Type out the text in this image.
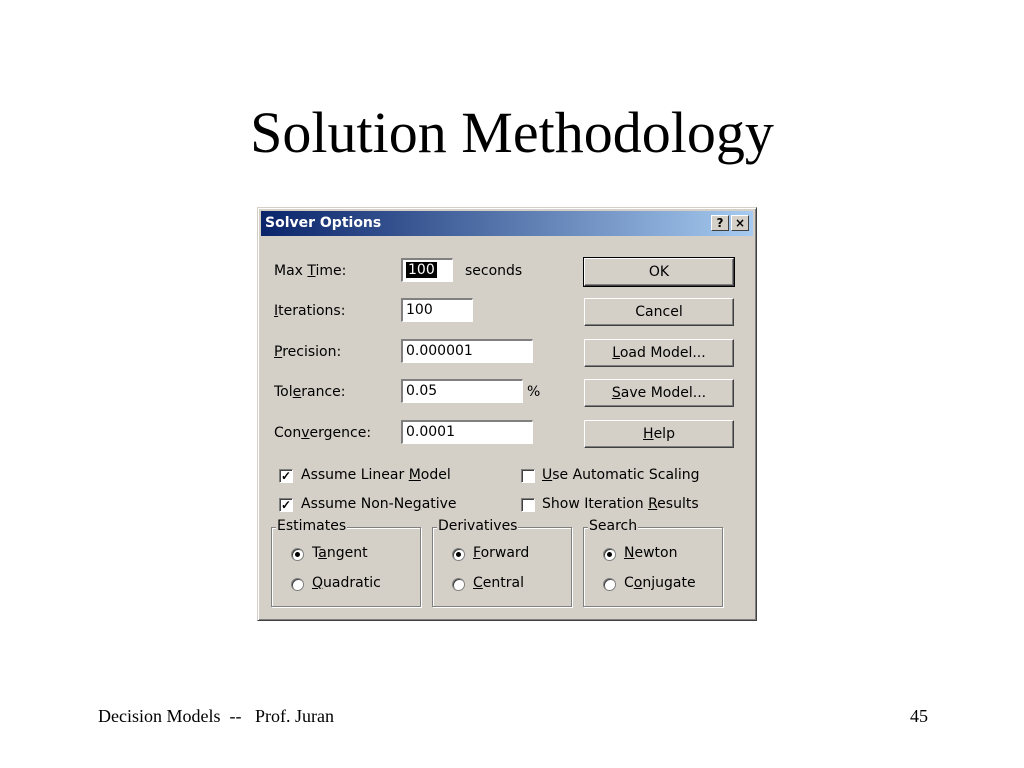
Solution Methodology
Solver Options	? ×
Max Time:	100	seconds
Iterations:	100
Precision:	0.000001
Tolerance:	0.05	%
Convergence:	0.0001
OK
Cancel
Load Model...
Save Model...
Help
✓ Assume Linear Model
✓ Assume Non-Negative
Use Automatic Scaling
Show Iteration Results
Estimates
Tangent
Quadratic
Derivatives
Forward
Central
Search
Newton
Conjugate
Decision Models  --   Prof. Juran	45
